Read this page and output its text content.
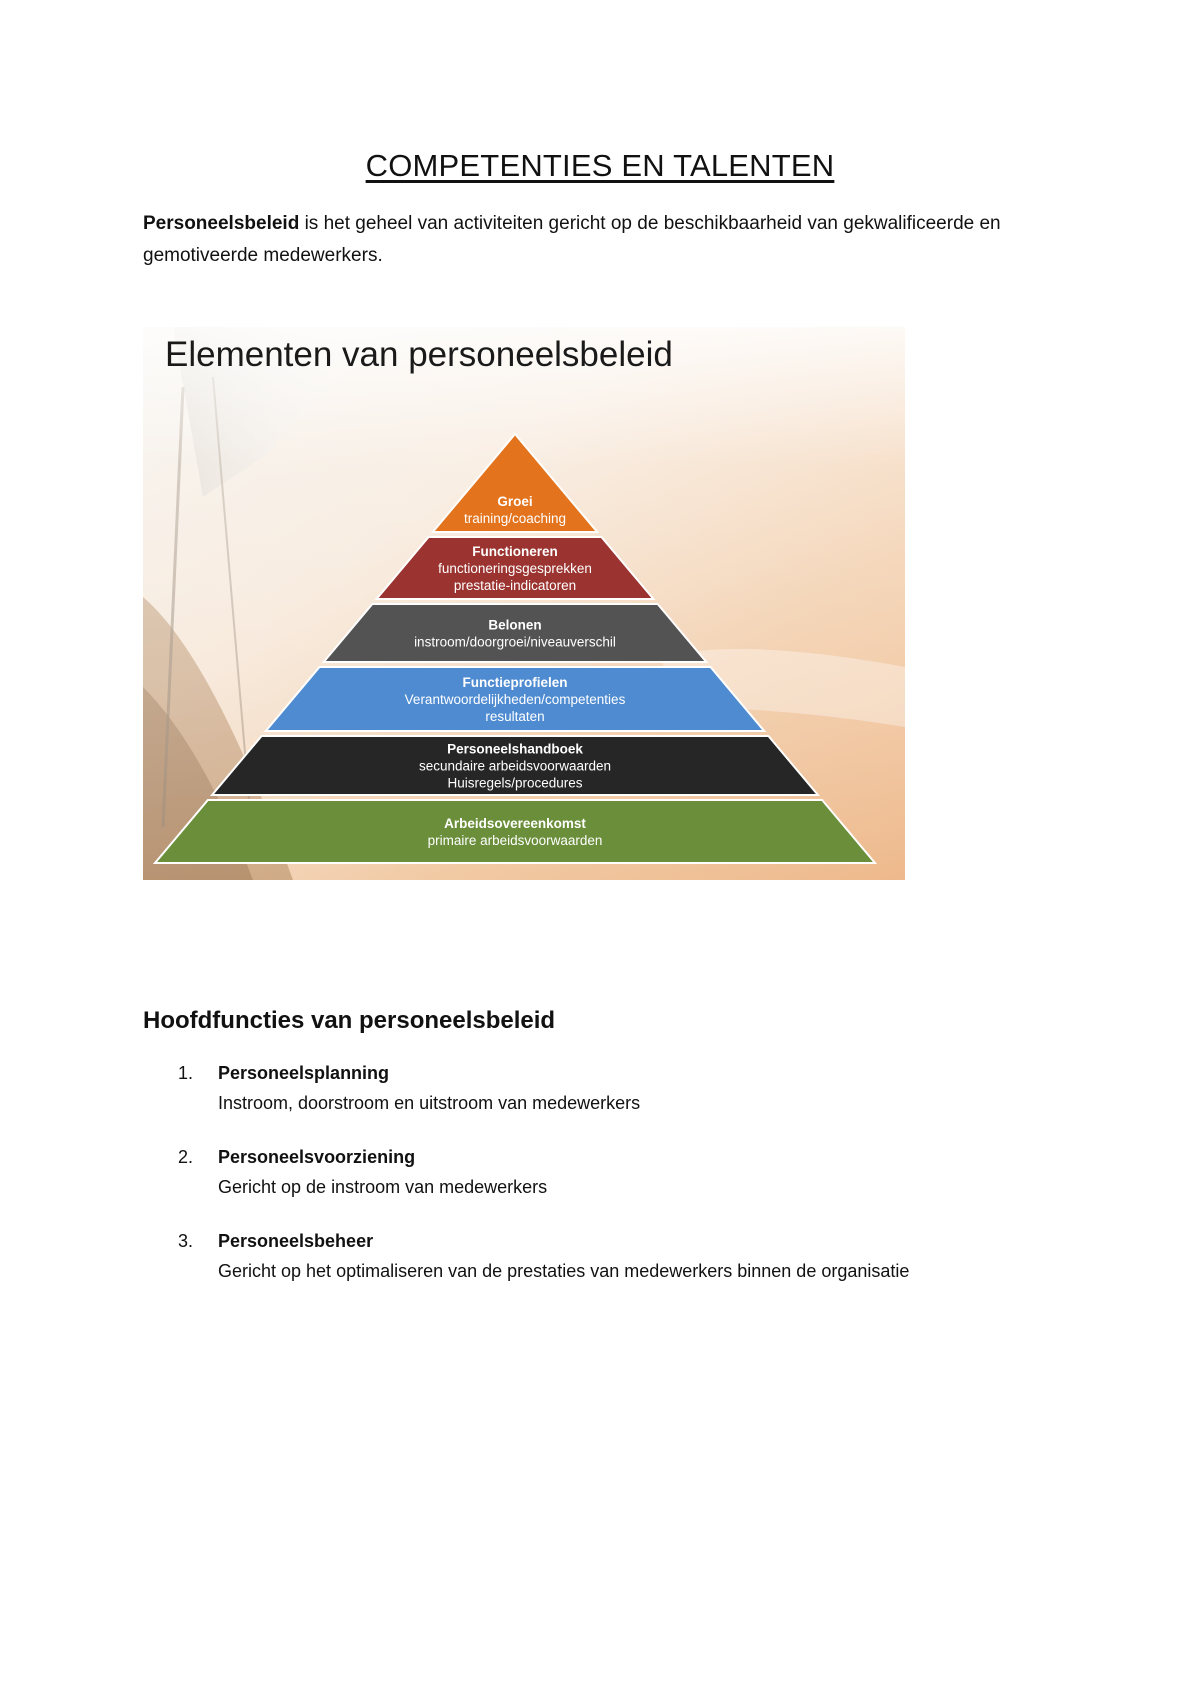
COMPETENTIES EN TALENTEN

Personeelsbeleid is het geheel van activiteiten gericht op de beschikbaarheid van gekwalificeerde en gemotiveerde medewerkers.

Elementen van personeelsbeleid
Groei
training/coaching
Functioneren
functioneringsgesprekken
prestatie-indicatoren
Belonen
instroom/doorgroei/niveauverschil
Functieprofielen
Verantwoordelijkheden/competenties
resultaten
Personeelshandboek
secundaire arbeidsvoorwaarden
Huisregels/procedures
Arbeidsovereenkomst
primaire arbeidsvoorwaarden
Hoofdfuncties van personeelsbeleid
1. Personeelsplanning
Instroom, doorstroom en uitstroom van medewerkers
2. Personeelsvoorziening
Gericht op de instroom van medewerkers
3. Personeelsbeheer
Gericht op het optimaliseren van de prestaties van medewerkers binnen de organisatie
